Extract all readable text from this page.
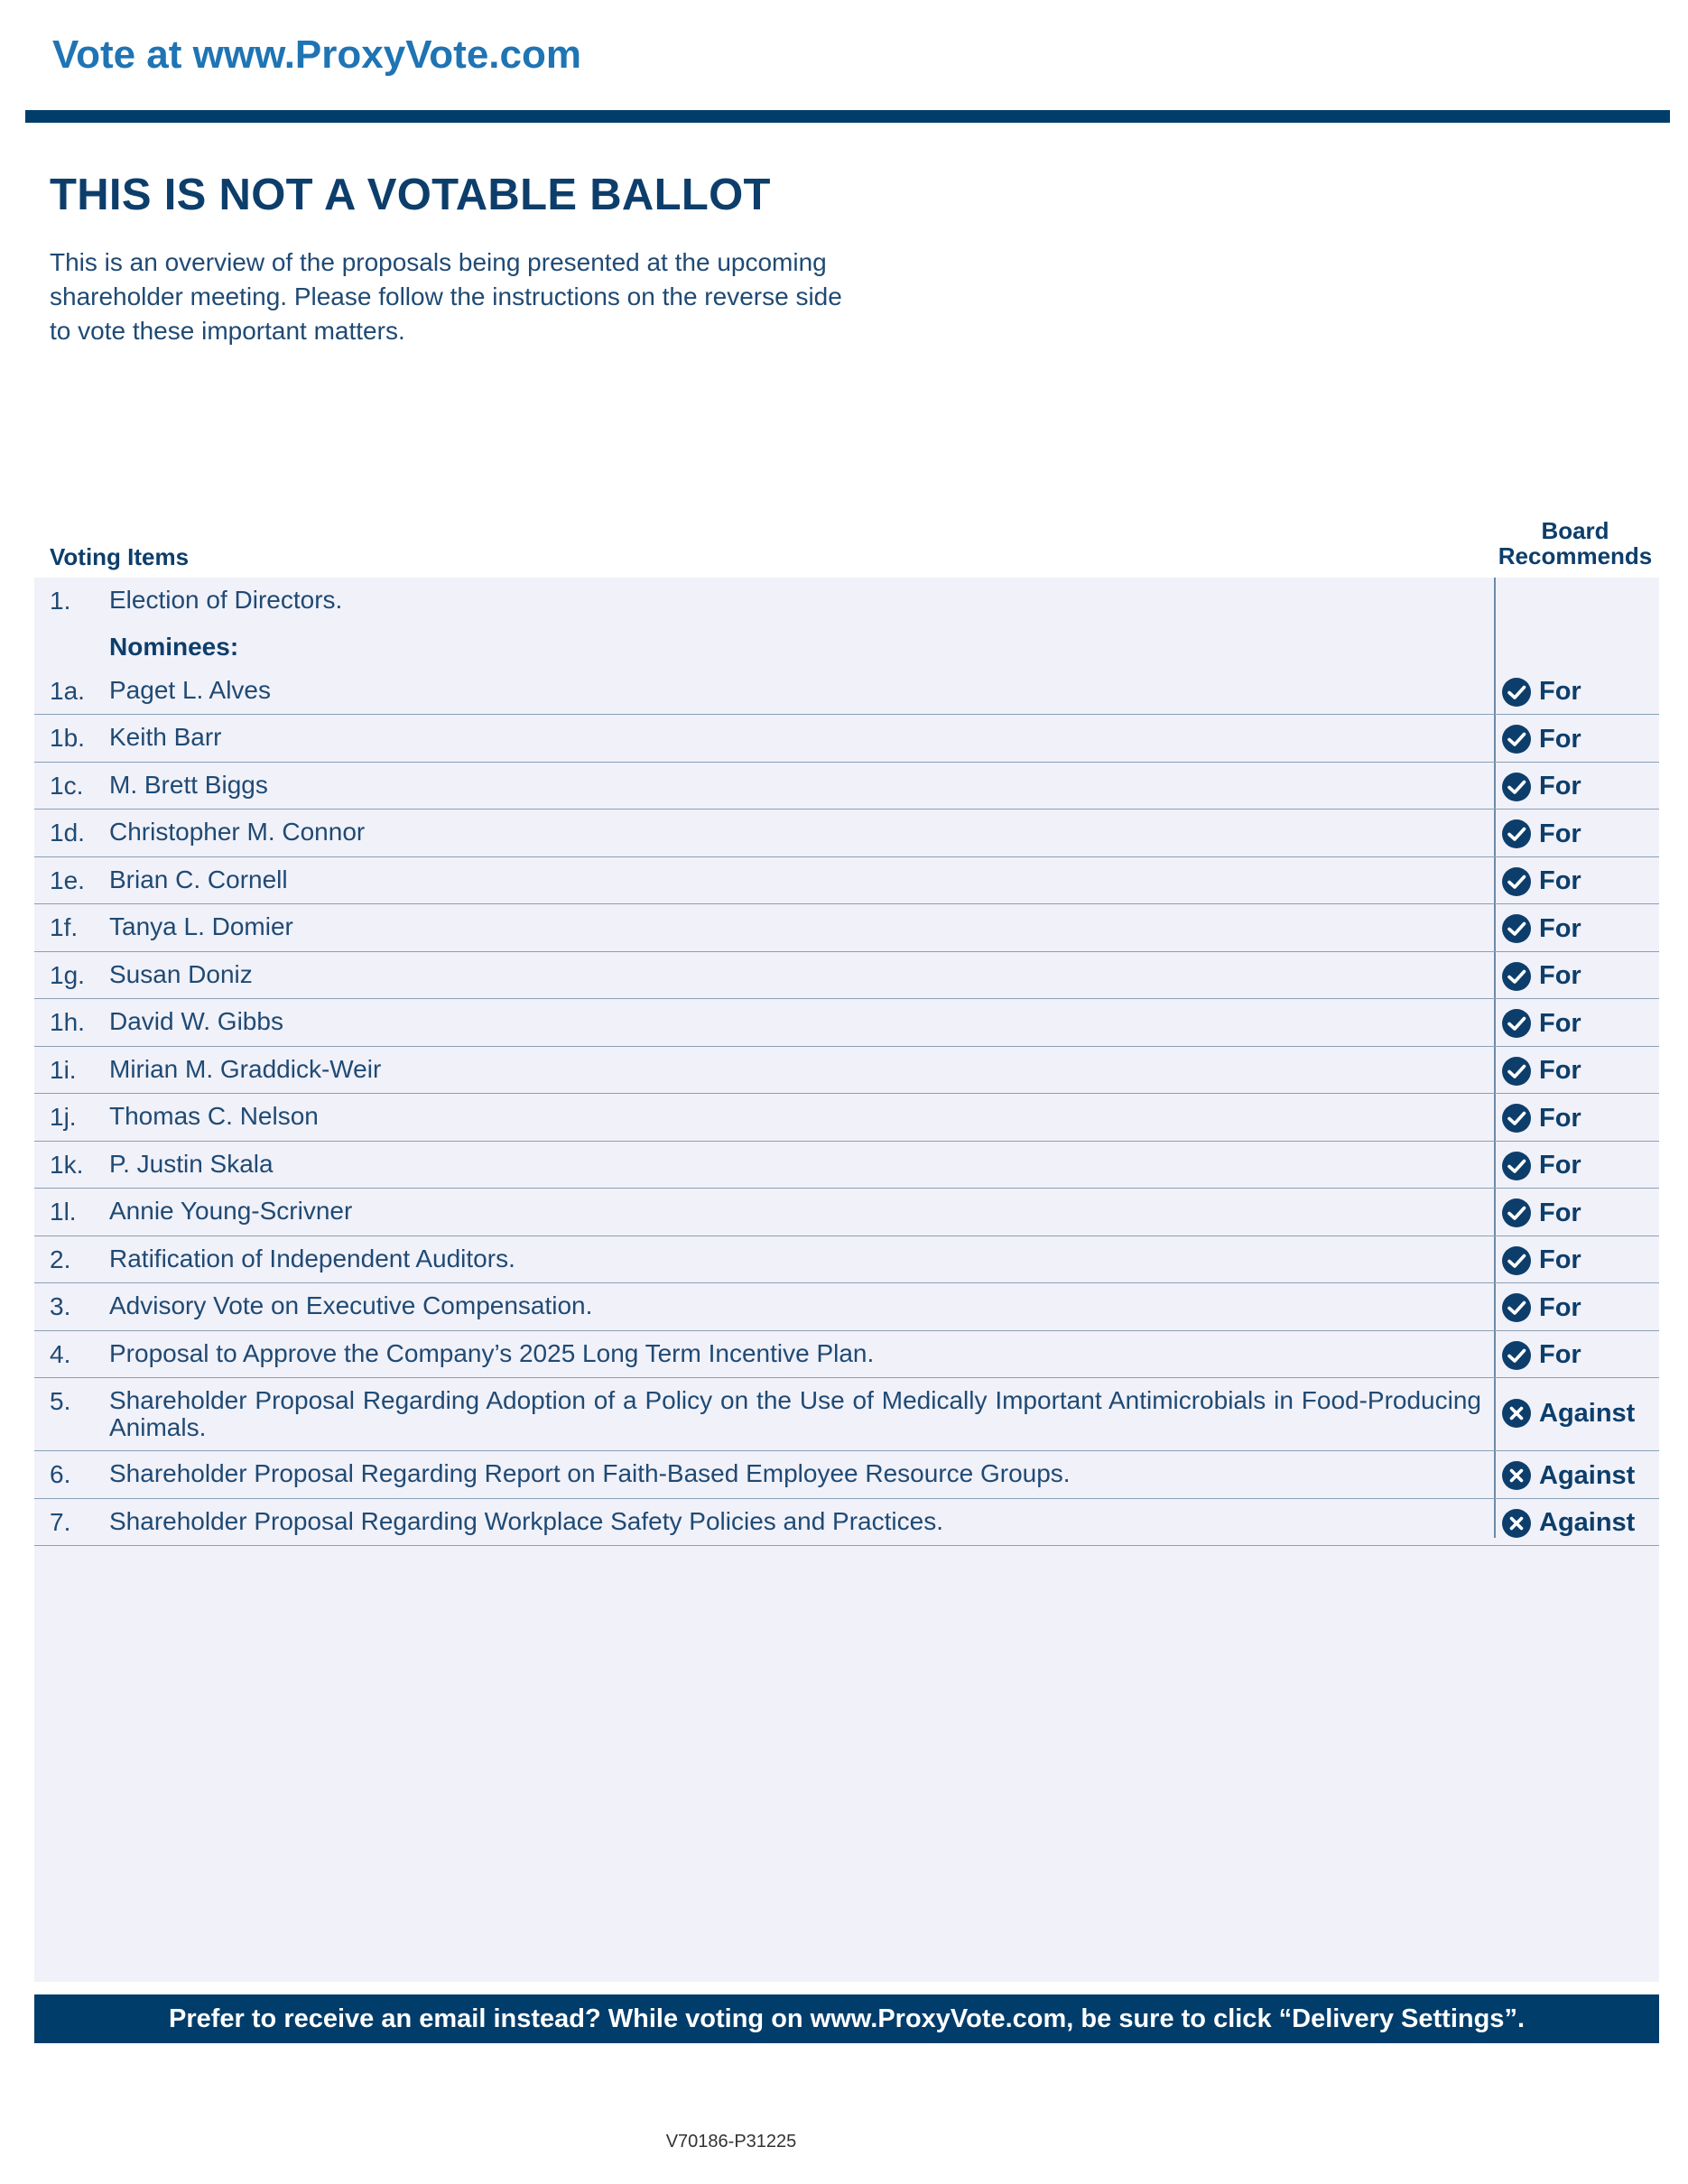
Vote at www.ProxyVote.com
THIS IS NOT A VOTABLE BALLOT
This is an overview of the proposals being presented at the upcoming shareholder meeting. Please follow the instructions on the reverse side to vote these important matters.
Voting Items
Board
Recommends
1. Election of Directors.
Nominees:
1a. Paget L. Alves	For
1b. Keith Barr	For
1c. M. Brett Biggs	For
1d. Christopher M. Connor	For
1e. Brian C. Cornell	For
1f. Tanya L. Domier	For
1g. Susan Doniz	For
1h. David W. Gibbs	For
1i. Mirian M. Graddick-Weir	For
1j. Thomas C. Nelson	For
1k. P. Justin Skala	For
1l. Annie Young-Scrivner	For
2. Ratification of Independent Auditors.	For
3. Advisory Vote on Executive Compensation.	For
4. Proposal to Approve the Company’s 2025 Long Term Incentive Plan.	For
5. Shareholder Proposal Regarding Adoption of a Policy on the Use of Medically Important Antimicrobials in Food-Producing Animals.	Against
6. Shareholder Proposal Regarding Report on Faith-Based Employee Resource Groups.	Against
7. Shareholder Proposal Regarding Workplace Safety Policies and Practices.	Against
Prefer to receive an email instead? While voting on www.ProxyVote.com, be sure to click “Delivery Settings”.
V70186-P31225
